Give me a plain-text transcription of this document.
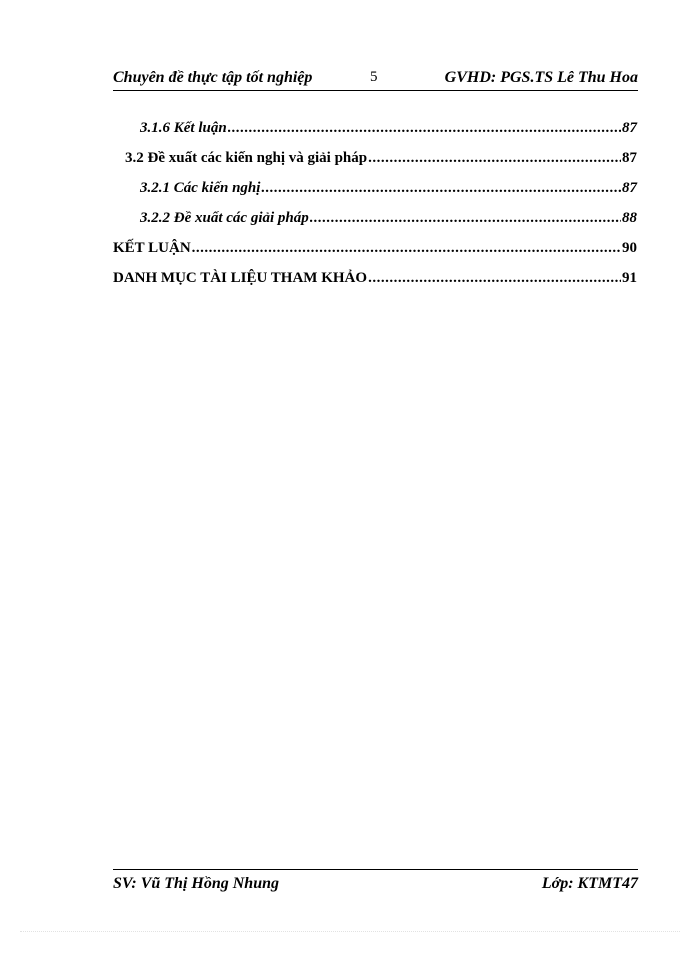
Chuyên đề thực tập tốt nghiệp	5	GVHD: PGS.TS Lê Thu Hoa
3.1.6 Kết luận .....	87
3.2 Đề xuất các kiến nghị và giải pháp .....	87
3.2.1 Các kiến nghị .....	87
3.2.2 Đề xuất các giải pháp .....	88
KẾT LUẬN .....	90
DANH MỤC TÀI LIỆU THAM KHẢO .....	91
SV: Vũ Thị Hồng Nhung	Lớp: KTMT47
